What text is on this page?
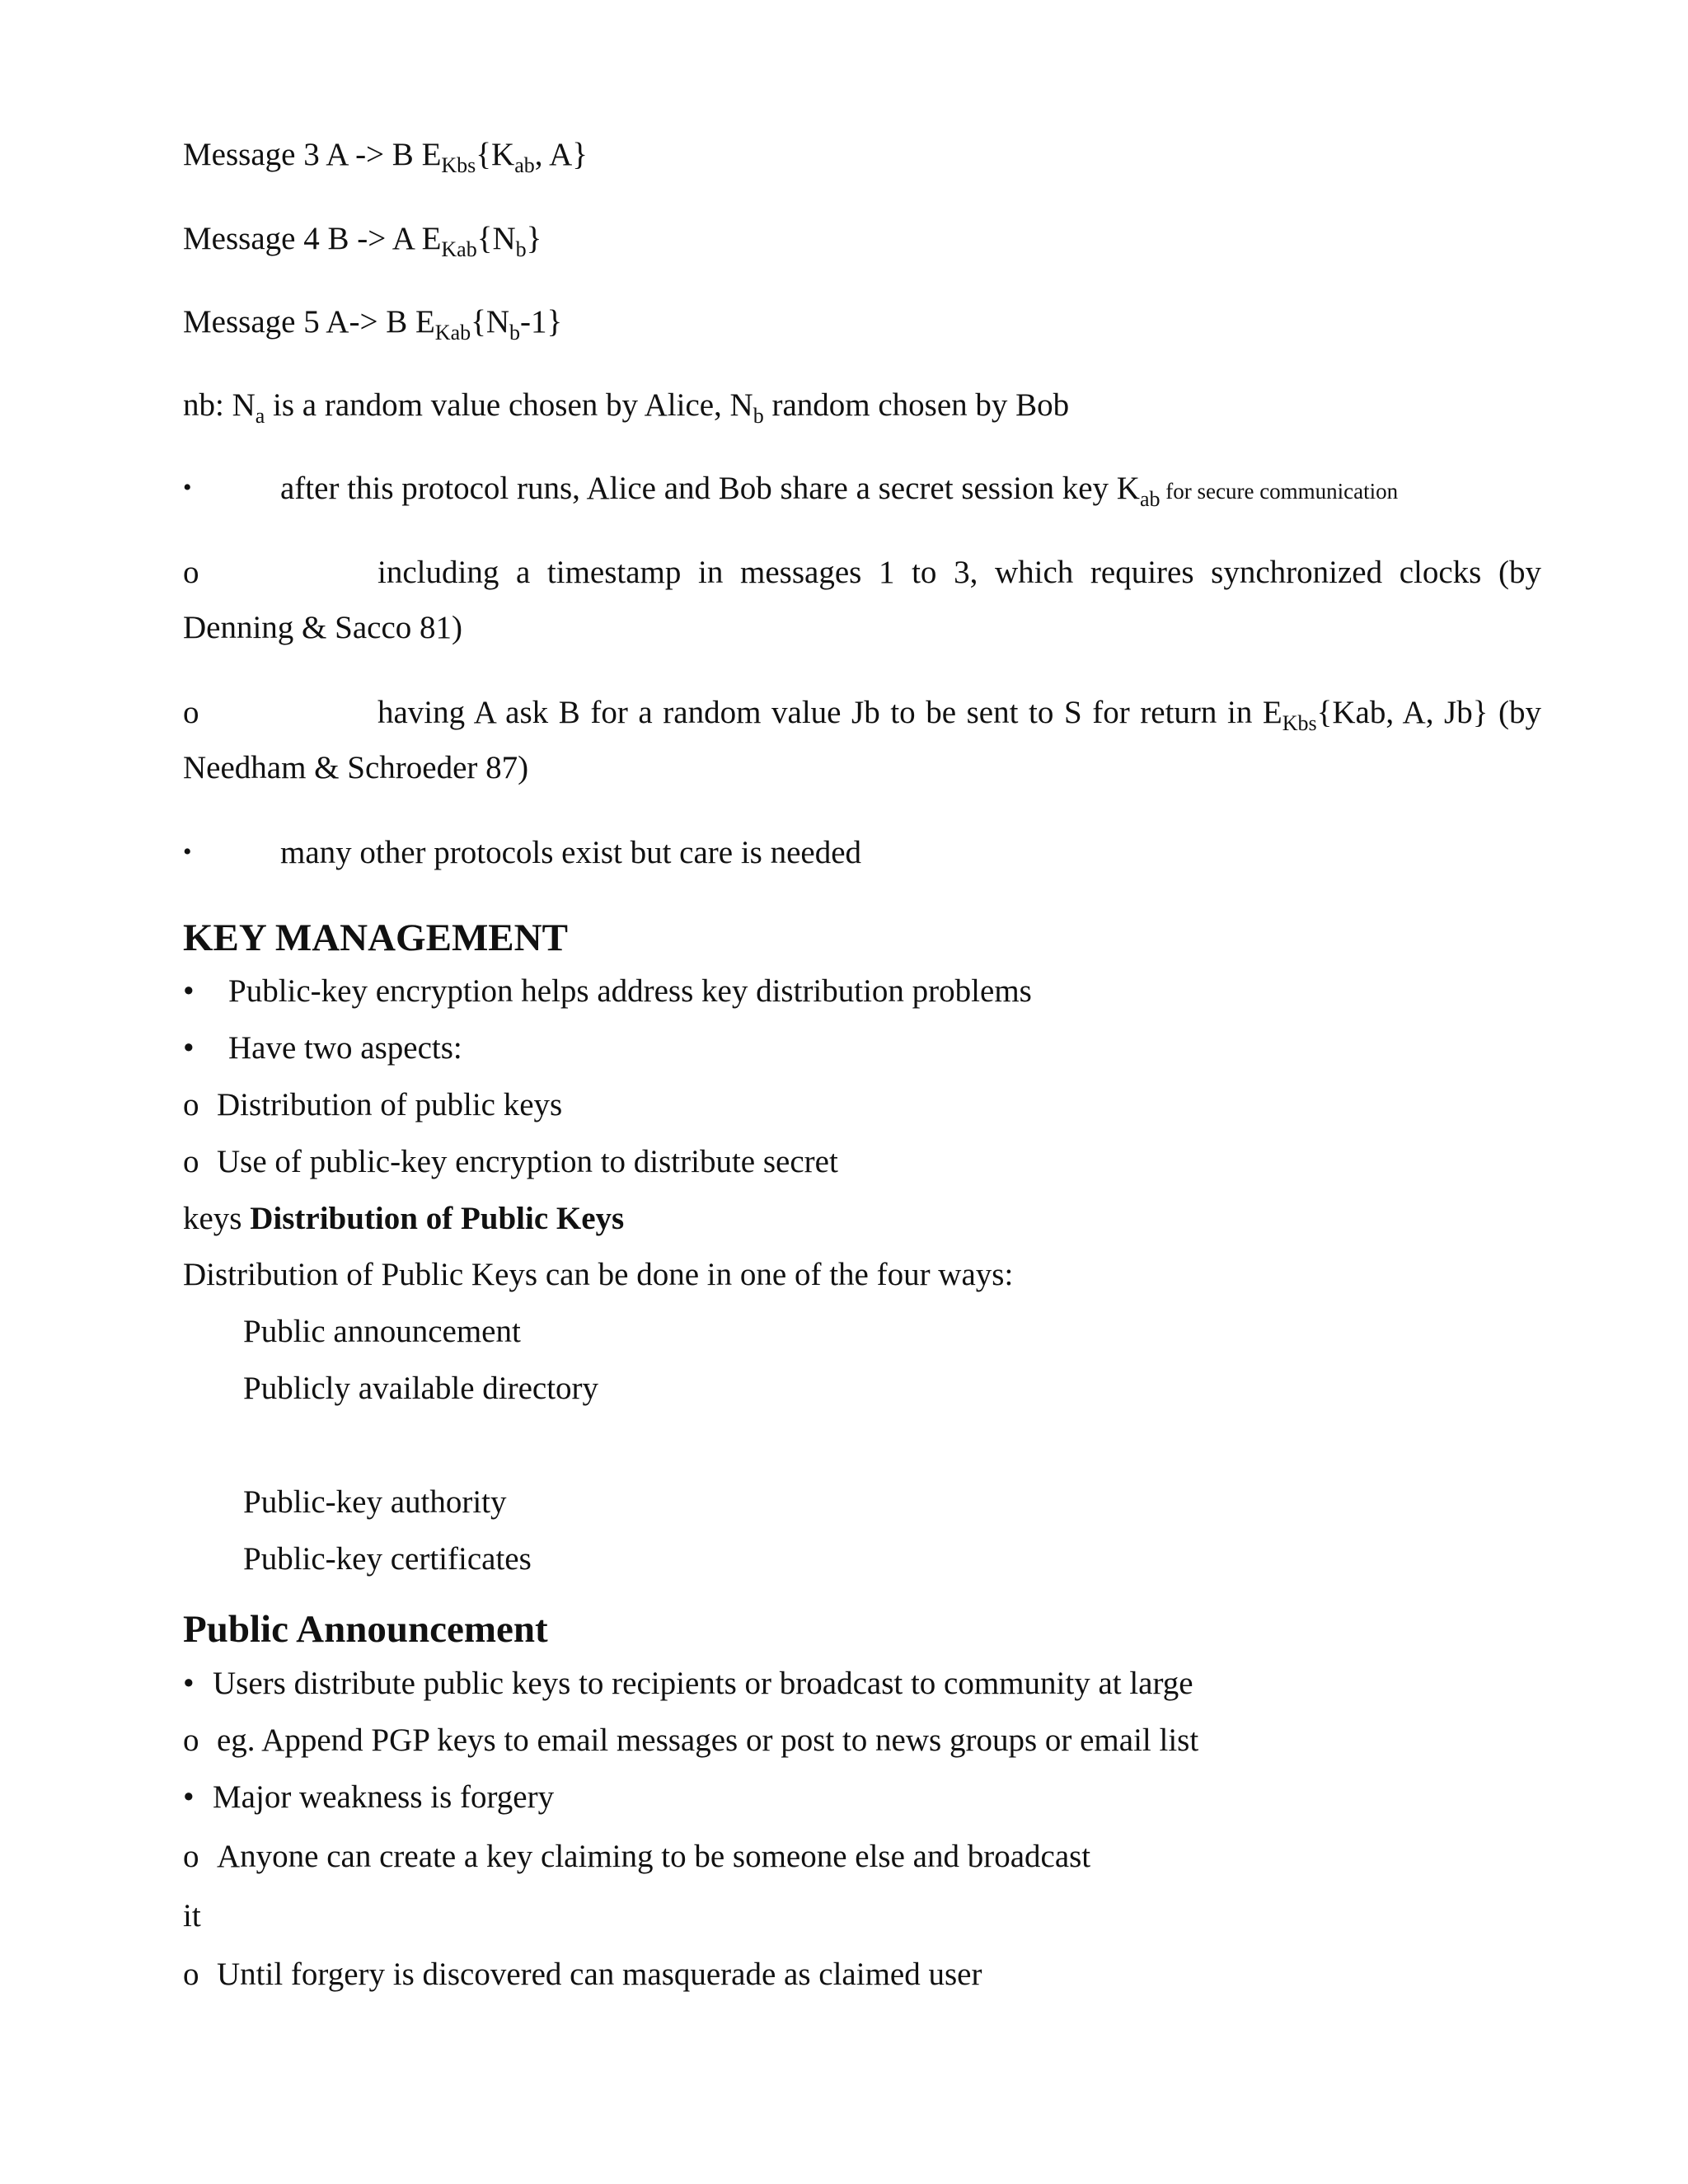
Message 3 A -> B $E_{Kbs}\{K_{ab}$, A}
Message 4 B -> A $E_{Kab}\{N_b\}$
Message 5 A-> B $E_{Kab}\{N_b-1\}$
nb: $N_a$ is a random value chosen by Alice, $N_b$ random chosen by Bob
•	after this protocol runs, Alice and Bob share a secret session key $K_{ab}$ for secure communication
o	including a timestamp in messages 1 to 3, which requires synchronized clocks (by
Denning & Sacco 81)
o	having A ask B for a random value Jb to be sent to S for return in $E_{Kbs}\{Kab$, A, Jb} (by
Needham & Schroeder 87)
•	many other protocols exist but care is needed
KEY MANAGEMENT
• Public-key encryption helps address key distribution problems
• Have two aspects:
o Distribution of public keys
o Use of public-key encryption to distribute secret
keys Distribution of Public Keys
Distribution of Public Keys can be done in one of the four ways:
Public announcement
Publicly available directory
Public-key authority
Public-key certificates
Public Announcement
• Users distribute public keys to recipients or broadcast to community at large
o eg. Append PGP keys to email messages or post to news groups or email list
• Major weakness is forgery
o Anyone can create a key claiming to be someone else and broadcast
it
o Until forgery is discovered can masquerade as claimed user
